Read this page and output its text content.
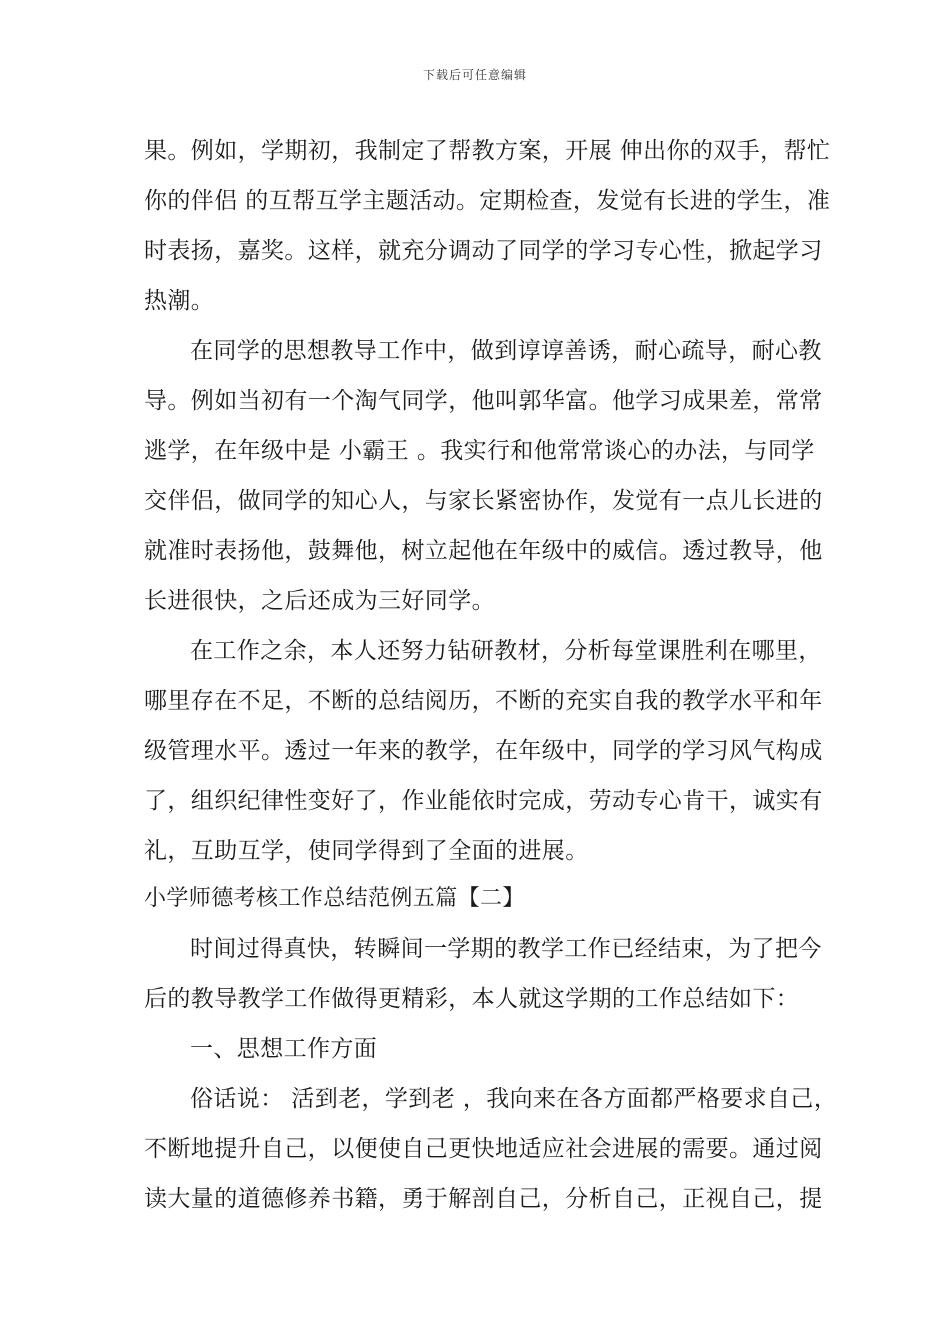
下载后可任意编辑
果。例如，学期初，我制定了帮教方案，开展 伸出你的双手，帮忙
你的伴侣 的互帮互学主题活动。定期检查，发觉有长进的学生，准
时表扬，嘉奖。这样，就充分调动了同学的学习专心性，掀起学习
热潮。
在同学的思想教导工作中，做到谆谆善诱，耐心疏导，耐心教
导。例如当初有一个淘气同学，他叫郭华富。他学习成果差，常常
逃学，在年级中是 小霸王 。我实行和他常常谈心的办法，与同学
交伴侣，做同学的知心人，与家长紧密协作，发觉有一点儿长进的
就准时表扬他，鼓舞他，树立起他在年级中的威信。透过教导，他
长进很快，之后还成为三好同学。
在工作之余，本人还努力钻研教材，分析每堂课胜利在哪里，
哪里存在不足，不断的总结阅历，不断的充实自我的教学水平和年
级管理水平。透过一年来的教学，在年级中，同学的学习风气构成
了，组织纪律性变好了，作业能依时完成，劳动专心肯干，诚实有
礼，互助互学，使同学得到了全面的进展。
小学师德考核工作总结范例五篇【二】
时间过得真快，转瞬间一学期的教学工作已经结束，为了把今
后的教导教学工作做得更精彩，本人就这学期的工作总结如下：
一、思想工作方面
俗话说： 活到老，学到老 ，我向来在各方面都严格要求自己，
不断地提升自己，以便使自己更快地适应社会进展的需要。通过阅
读大量的道德修养书籍，勇于解剖自己，分析自己，正视自己，提
